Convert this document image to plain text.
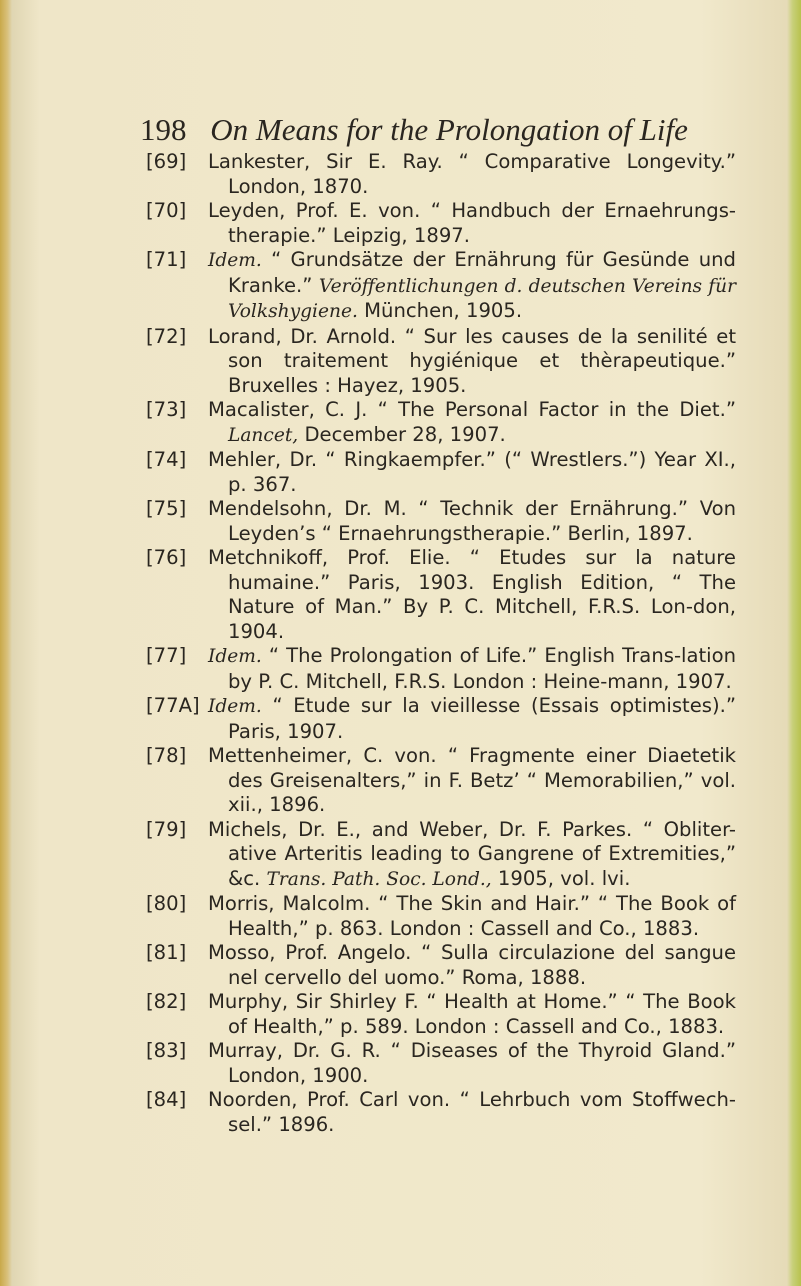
198 On Means for the Prolongation of Life
[69]	Lankester, Sir E. Ray. “ Comparative Longevity.” London, 1870.
[70]	Leyden, Prof. E. von. “ Handbuch der Ernaehrungs-therapie.” Leipzig, 1897.
[71]	Idem. “ Grundsätze der Ernährung für Gesünde und Kranke.” Veröffentlichungen d. deutschen Vereins für Volkshygiene. München, 1905.
[72]	Lorand, Dr. Arnold. “ Sur les causes de la senilité et son traitement hygiénique et thèrapeutique.” Bruxelles : Hayez, 1905.
[73]	Macalister, C. J. “ The Personal Factor in the Diet.” Lancet, December 28, 1907.
[74]	Mehler, Dr. “ Ringkaempfer.” (“ Wrestlers.”) Year XI., p. 367.
[75]	Mendelsohn, Dr. M. “ Technik der Ernährung.” Von Leyden’s “ Ernaehrungstherapie.” Berlin, 1897.
[76]	Metchnikoff, Prof. Elie. “ Etudes sur la nature humaine.” Paris, 1903. English Edition, “ The Nature of Man.” By P. C. Mitchell, F.R.S. Lon-don, 1904.
[77]	Idem. “ The Prolongation of Life.” English Trans-lation by P. C. Mitchell, F.R.S. London : Heine-mann, 1907.
[77A] Idem. “ Etude sur la vieillesse (Essais optimistes).” Paris, 1907.
[78]	Mettenheimer, C. von. “ Fragmente einer Diaetetik des Greisenalters,” in F. Betz’ “ Memorabilien,” vol. xii., 1896.
[79]	Michels, Dr. E., and Weber, Dr. F. Parkes. “ Obliter-ative Arteritis leading to Gangrene of Extremities,” &c. Trans. Path. Soc. Lond., 1905, vol. lvi.
[80]	Morris, Malcolm. “ The Skin and Hair.” “ The Book of Health,” p. 863. London : Cassell and Co., 1883.
[81]	Mosso, Prof. Angelo. “ Sulla circulazione del sangue nel cervello del uomo.” Roma, 1888.
[82]	Murphy, Sir Shirley F. “ Health at Home.” “ The Book of Health,” p. 589. London : Cassell and Co., 1883.
[83]	Murray, Dr. G. R. “ Diseases of the Thyroid Gland.” London, 1900.
[84]	Noorden, Prof. Carl von. “ Lehrbuch vom Stoffwech-sel.” 1896.
